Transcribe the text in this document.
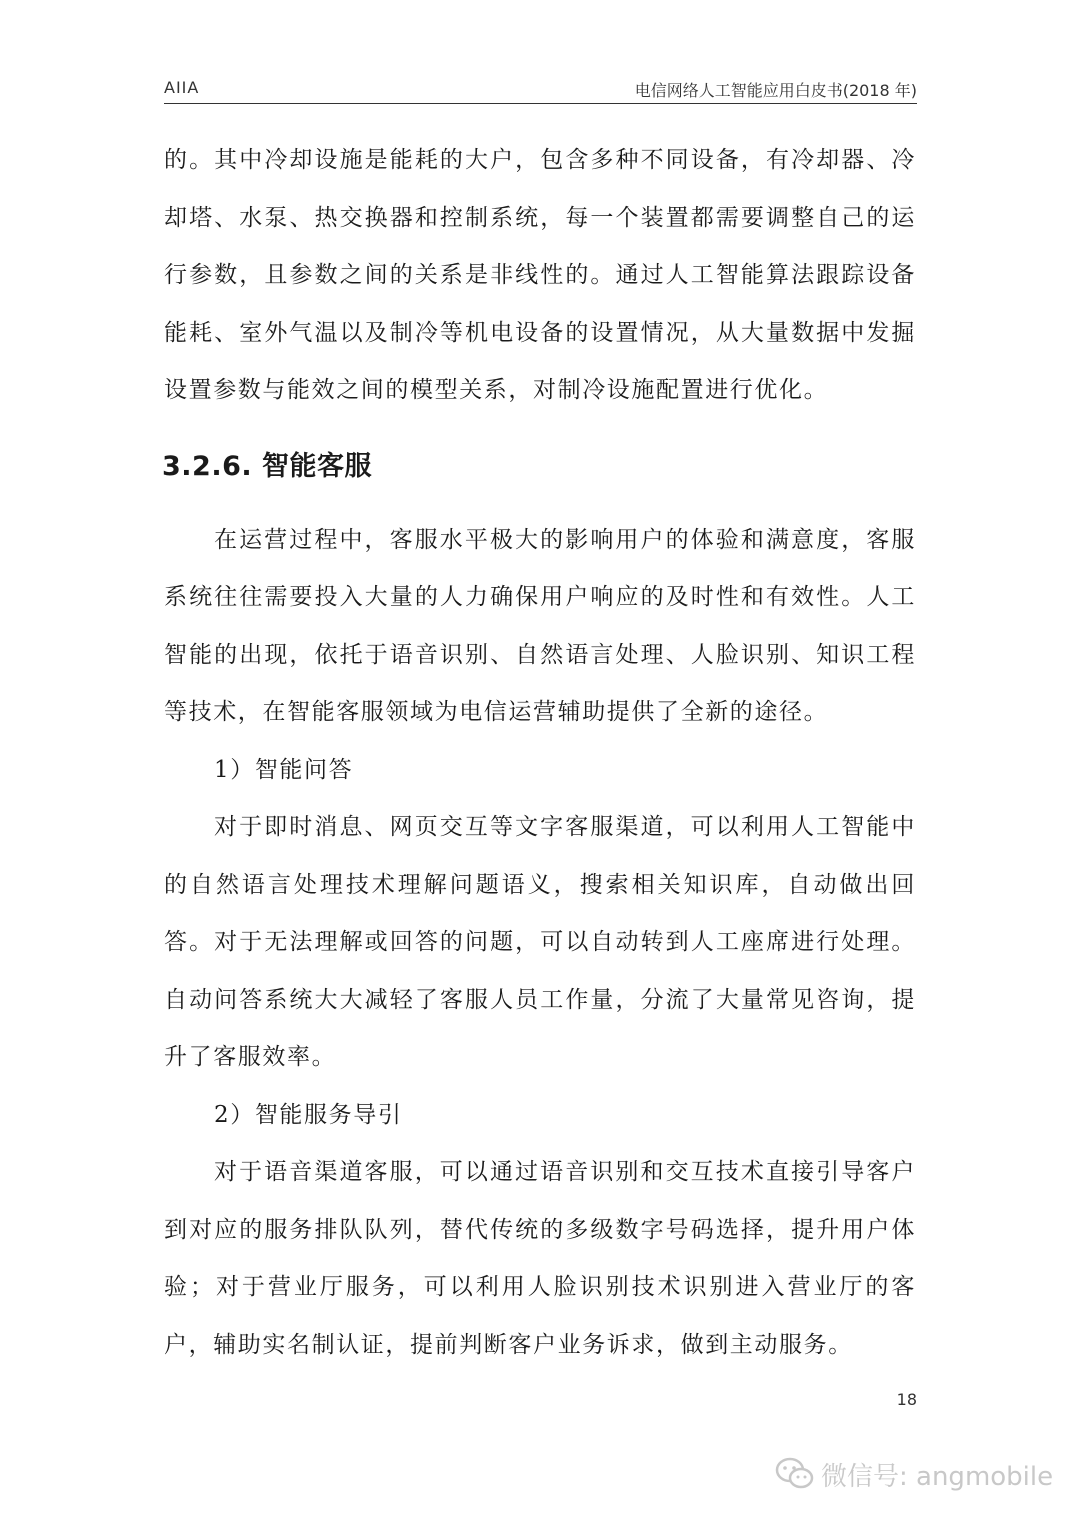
AIIA	电信网络人工智能应用白皮书(2018 年)

的。其中冷却设施是能耗的大户，包含多种不同设备，有冷却器、冷却塔、水泵、热交换器和控制系统，每一个装置都需要调整自己的运行参数，且参数之间的关系是非线性的。通过人工智能算法跟踪设备能耗、室外气温以及制冷等机电设备的设置情况，从大量数据中发掘设置参数与能效之间的模型关系，对制冷设施配置进行优化。

3.2.6. 智能客服

在运营过程中，客服水平极大的影响用户的体验和满意度，客服系统往往需要投入大量的人力确保用户响应的及时性和有效性。人工智能的出现，依托于语音识别、自然语言处理、人脸识别、知识工程等技术，在智能客服领域为电信运营辅助提供了全新的途径。

1）智能问答

对于即时消息、网页交互等文字客服渠道，可以利用人工智能中的自然语言处理技术理解问题语义，搜索相关知识库，自动做出回答。对于无法理解或回答的问题，可以自动转到人工座席进行处理。自动问答系统大大减轻了客服人员工作量，分流了大量常见咨询，提升了客服效率。

2）智能服务导引

对于语音渠道客服，可以通过语音识别和交互技术直接引导客户到对应的服务排队队列，替代传统的多级数字号码选择，提升用户体验；对于营业厅服务，可以利用人脸识别技术识别进入营业厅的客户，辅助实名制认证，提前判断客户业务诉求，做到主动服务。

18
微信号: angmobile
